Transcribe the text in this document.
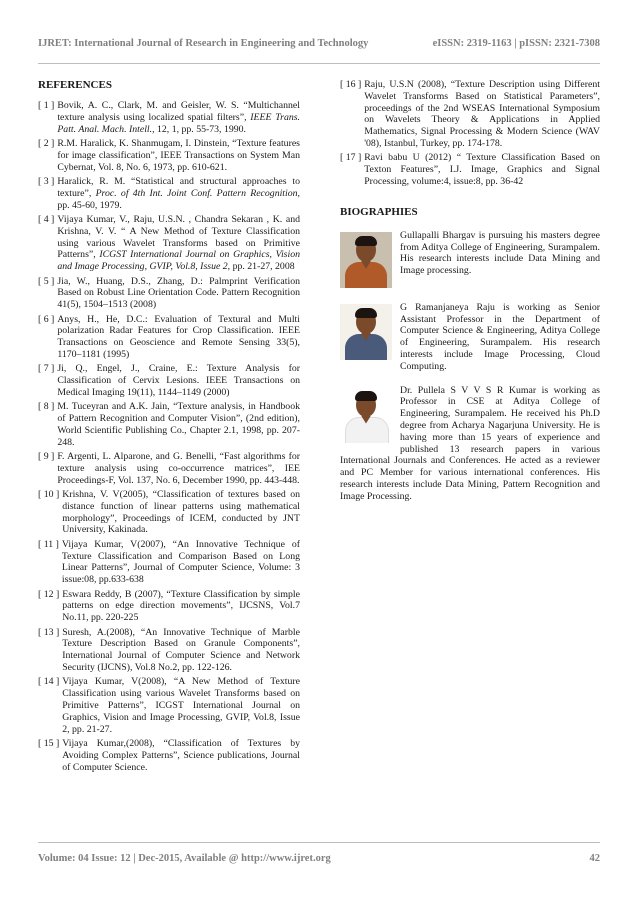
IJRET: International Journal of Research in Engineering and Technology	eISSN: 2319-1163 | pISSN: 2321-7308
REFERENCES
[ 1 ] Bovik, A. C., Clark, M. and Geisler, W. S. “Multichannel texture analysis using localized spatial filters”, IEEE Trans. Patt. Anal. Mach. Intell., 12, 1, pp. 55-73, 1990.
[ 2 ] R.M. Haralick, K. Shanmugam, I. Dinstein, “Texture features for image classification”, IEEE Transactions on System Man Cybernat, Vol. 8, No. 6, 1973, pp. 610-621.
[ 3 ] Haralick, R. M. “Statistical and structural approaches to texture”, Proc. of 4th Int. Joint Conf. Pattern Recognition, pp. 45-60, 1979.
[ 4 ] Vijaya Kumar, V., Raju, U.S.N. , Chandra Sekaran , K. and Krishna, V. V. “ A New Method of Texture Classification using various Wavelet Transforms based on Primitive Patterns”, ICGST International Journal on Graphics, Vision and Image Processing, GVIP, Vol.8, Issue 2, pp. 21-27, 2008
[ 5 ] Jia, W., Huang, D.S., Zhang, D.: Palmprint Verification Based on Robust Line Orientation Code. Pattern Recognition 41(5), 1504–1513 (2008)
[ 6 ] Anys, H., He, D.C.: Evaluation of Textural and Multi polarization Radar Features for Crop Classification. IEEE Transactions on Geoscience and Remote Sensing 33(5), 1170–1181 (1995)
[ 7 ] Ji, Q., Engel, J., Craine, E.: Texture Analysis for Classification of Cervix Lesions. IEEE Transactions on Medical Imaging 19(11), 1144–1149 (2000)
[ 8 ] M. Tuceyran and A.K. Jain, “Texture analysis, in Handbook of Pattern Recognition and Computer Vision”, (2nd edition), World Scientific Publishing Co., Chapter 2.1, 1998, pp. 207-248.
[ 9 ] F. Argenti, L. Alparone, and G. Benelli, “Fast algorithms for texture analysis using co-occurrence matrices”, IEE Proceedings-F, Vol. 137, No. 6, December 1990, pp. 443-448.
[ 10 ] Krishna, V. V(2005), “Classification of textures based on distance function of linear patterns using mathematical morphology”, Proceedings of ICEM, conducted by JNT University, Kakinada.
[ 11 ] Vijaya Kumar, V(2007), “An Innovative Technique of Texture Classification and Comparison Based on Long Linear Patterns”, Journal of Computer Science, Volume: 3 issue:08, pp.633-638
[ 12 ] Eswara Reddy, B (2007), “Texture Classification by simple patterns on edge direction movements”, IJCSNS, Vol.7 No.11, pp. 220-225
[ 13 ] Suresh, A.(2008), “An Innovative Technique of Marble Texture Description Based on Granule Components”, International Journal of Computer Science and Network Security (IJCNS), Vol.8 No.2, pp. 122-126.
[ 14 ] Vijaya Kumar, V(2008), “A New Method of Texture Classification using various Wavelet Transforms based on Primitive Patterns”, ICGST International Journal on Graphics, Vision and Image Processing, GVIP, Vol.8, Issue 2, pp. 21-27.
[ 15 ] Vijaya Kumar,(2008), “Classification of Textures by Avoiding Complex Patterns”, Science publications, Journal of Computer Science.
[ 16 ] Raju, U.S.N (2008), “Texture Description using Different Wavelet Transforms Based on Statistical Parameters”, proceedings of the 2nd WSEAS International Symposium on Wavelets Theory & Applications in Applied Mathematics, Signal Processing & Modern Science (WAV '08), Istanbul, Turkey, pp. 174-178.
[ 17 ] Ravi babu U (2012) “ Texture Classification Based on Texton Features”, I.J. Image, Graphics and Signal Processing, volume:4, issue:8, pp. 36-42
BIOGRAPHIES
Gullapalli Bhargav is pursuing his masters degree from Aditya College of Engineering, Surampalem. His research interests include Data Mining and Image processing.
G Ramanjaneya Raju is working as Senior Assistant Professor in the Department of Computer Science & Engineering, Aditya College of Engineering, Surampalem. His research interests include Image Processing, Cloud Computing.
Dr. Pullela S V V S R Kumar is working as Professor in CSE at Aditya College of Engineering, Surampalem. He received his Ph.D degree from Acharya Nagarjuna University. He is having more than 15 years of experience and published 13 research papers in various International Journals and Conferences. He acted as a reviewer and PC Member for various international conferences. His research interests include Data Mining, Pattern Recognition and Image Processing.
Volume: 04 Issue: 12 | Dec-2015, Available @ http://www.ijret.org	42
